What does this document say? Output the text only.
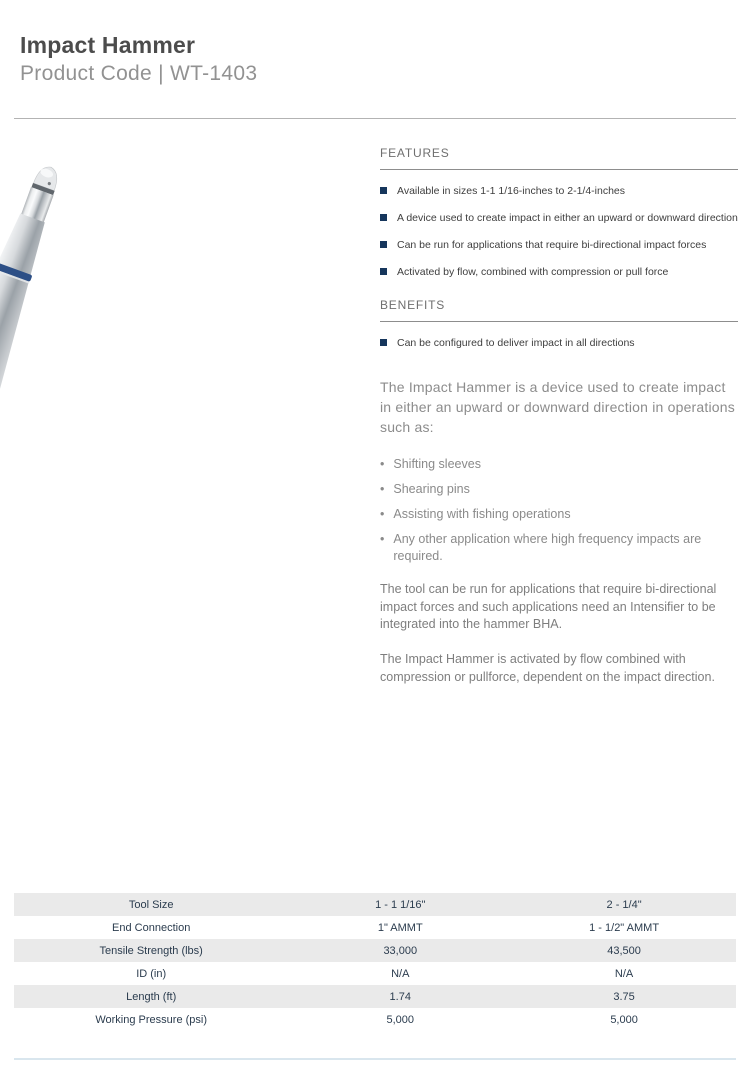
Impact Hammer
Product Code | WT-1403
FEATURES
Available in sizes 1-1 1/16-inches to 2-1/4-inches
A device used to create impact in either an upward or downward direction
Can be run for applications that require bi-directional impact forces
Activated by flow, combined with compression or pull force
BENEFITS
Can be configured to deliver impact in all directions
The Impact Hammer is a device used to create impact in either an upward or downward direction in operations such as:
• Shifting sleeves
• Shearing pins
• Assisting with fishing operations
• Any other application where high frequency impacts are required.
The tool can be run for applications that require bi-directional impact forces and such applications need an Intensifier to be integrated into the hammer BHA.
The Impact Hammer is activated by flow combined with compression or pullforce, dependent on the impact direction.
Tool Size	1 - 1 1/16"	2 - 1/4"
End Connection	1" AMMT	1 - 1/2" AMMT
Tensile Strength (lbs)	33,000	43,500
ID (in)	N/A	N/A
Length (ft)	1.74	3.75
Working Pressure (psi)	5,000	5,000
